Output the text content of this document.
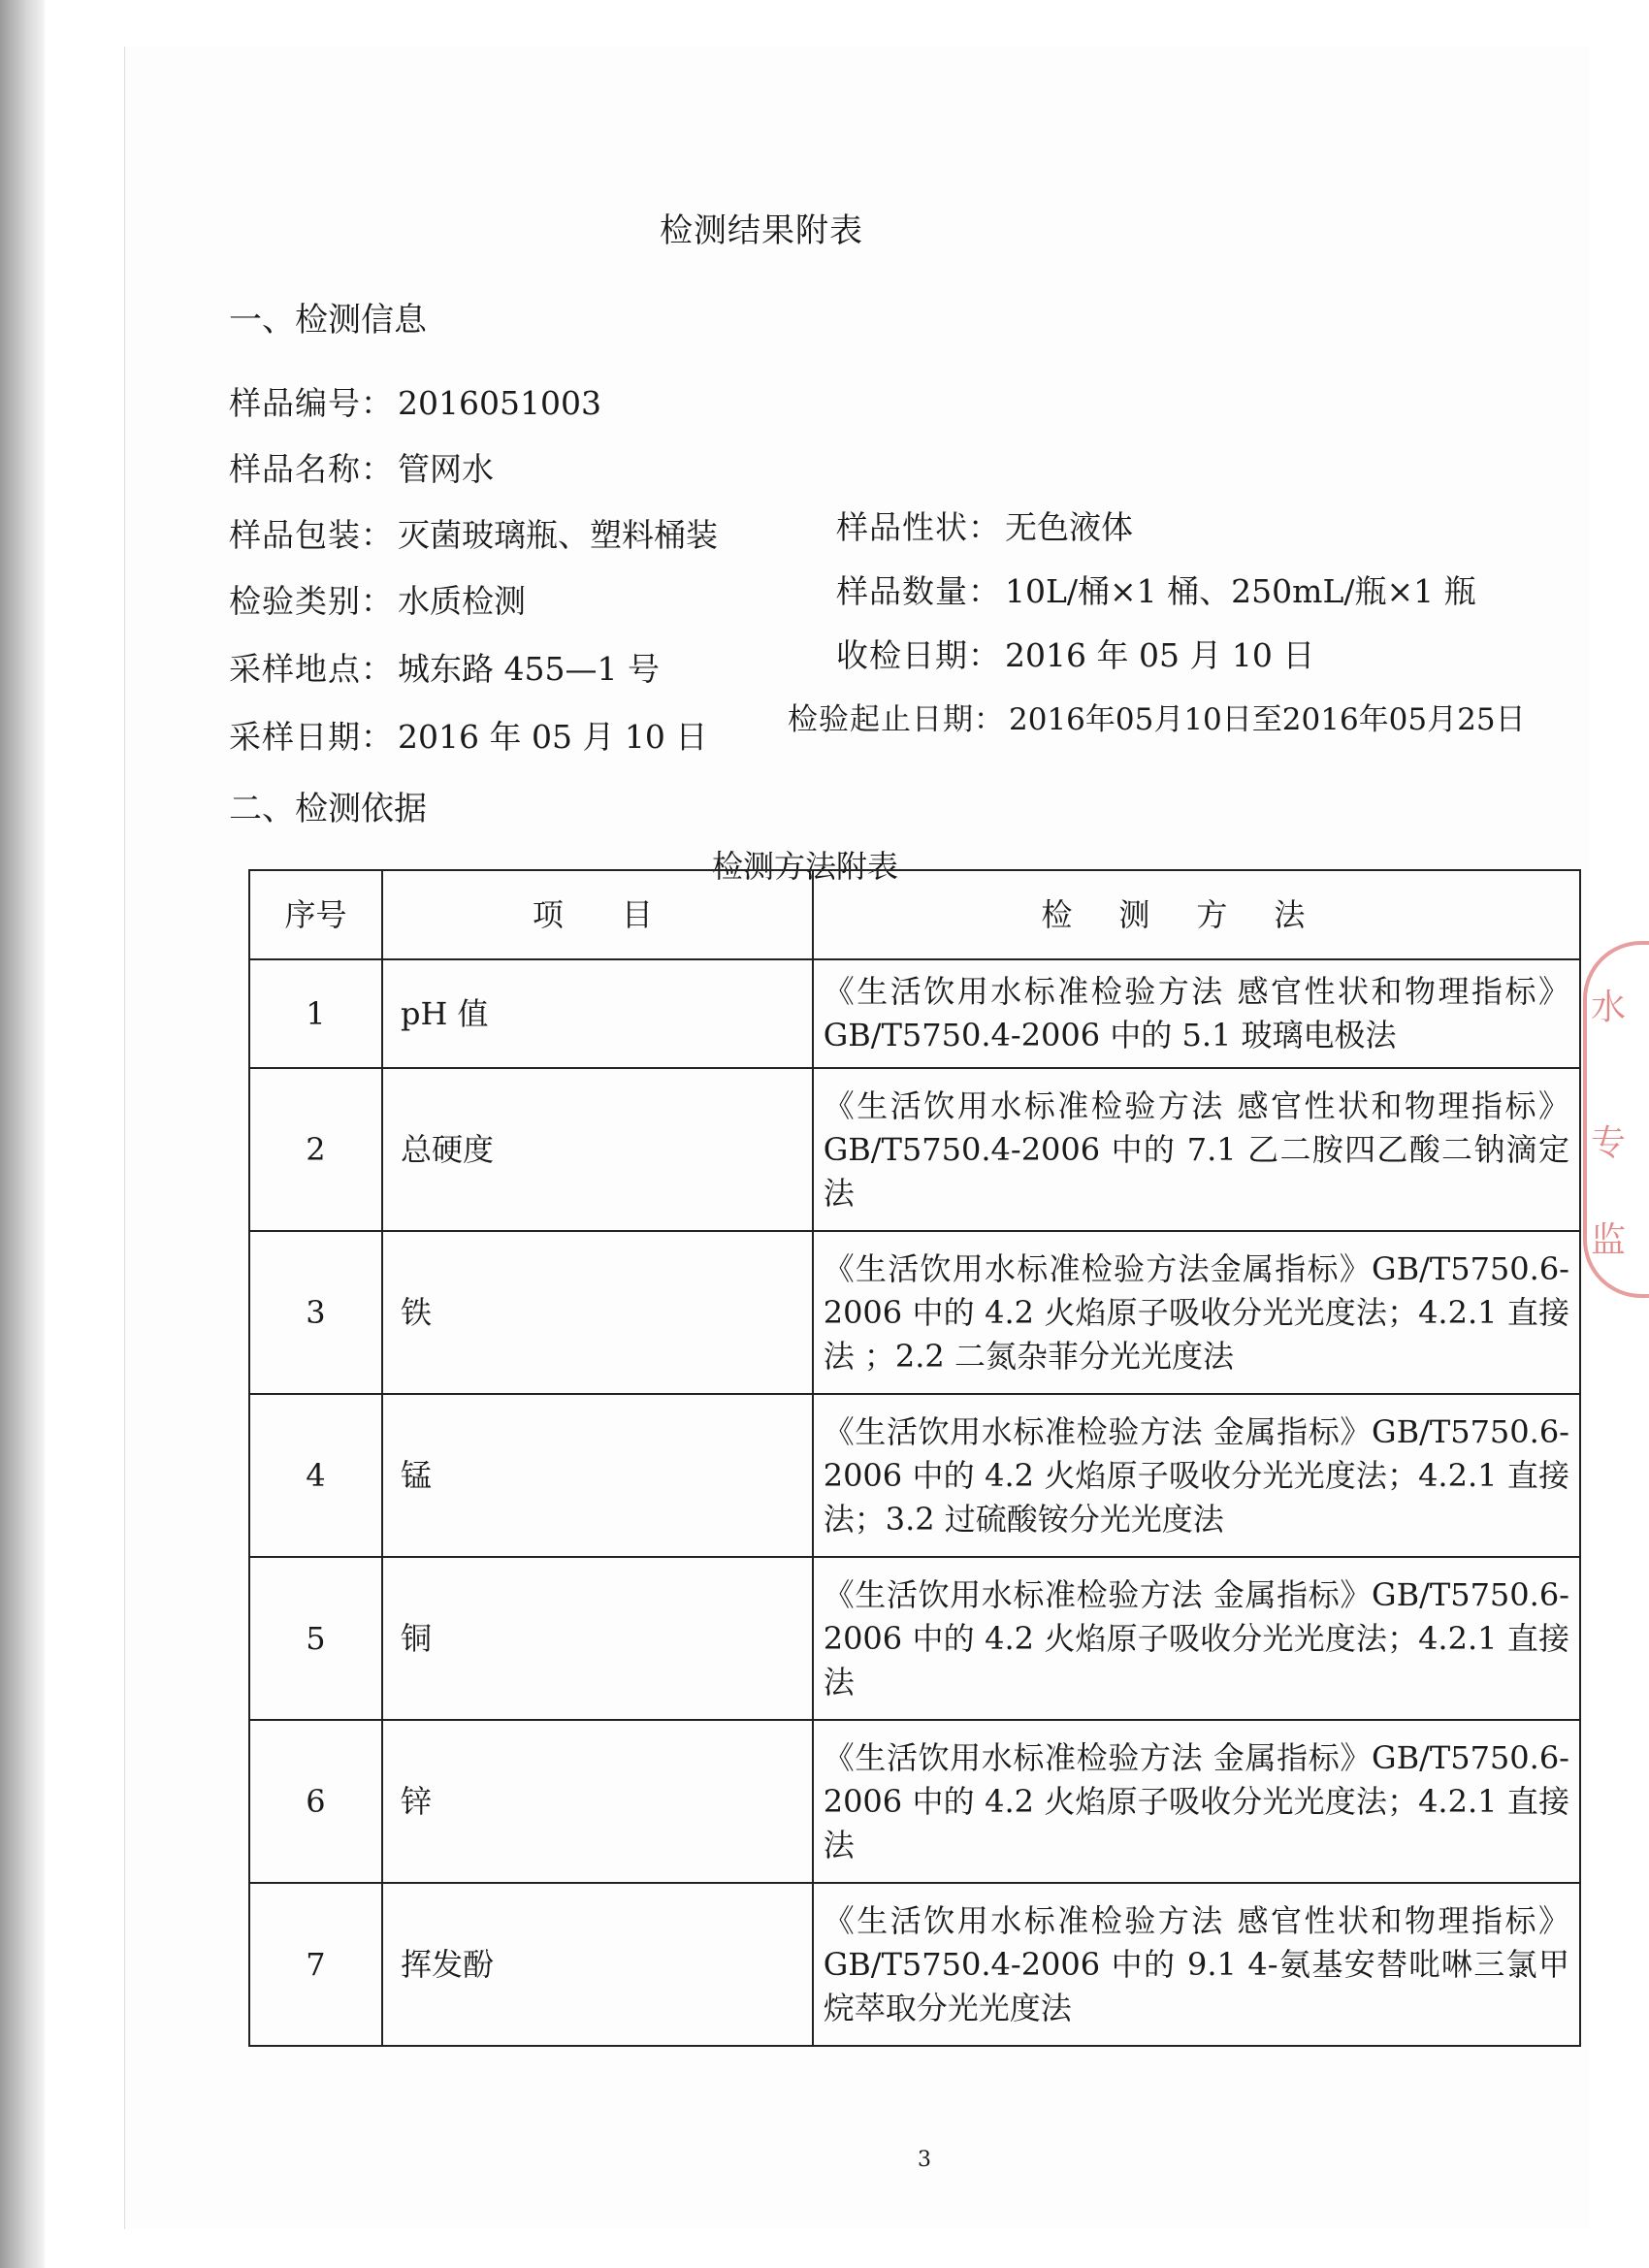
检测结果附表
一、检测信息
样品编号： 2016051003
样品名称： 管网水
样品包装： 灭菌玻璃瓶、塑料桶装	样品性状： 无色液体
检验类别： 水质检测	样品数量： 10L/桶×1 桶、250mL/瓶×1 瓶
采样地点： 城东路 455—1 号	收检日期： 2016 年 05 月 10 日
采样日期： 2016 年 05 月 10 日	检验起止日期： 2016年05月10日至2016年05月25日
二、检测依据
检测方法附表
序号	项目	检测方法
1	pH 值	《生活饮用水标准检验方法 感官性状和物理指标》GB/T5750.4-2006 中的 5.1 玻璃电极法
2	总硬度	《生活饮用水标准检验方法 感官性状和物理指标》GB/T5750.4-2006 中的 7.1 乙二胺四乙酸二钠滴定法
3	铁	《生活饮用水标准检验方法金属指标》GB/T5750.6-2006 中的 4.2 火焰原子吸收分光光度法；4.2.1 直接法 ；2.2 二氮杂菲分光光度法
4	锰	《生活饮用水标准检验方法 金属指标》GB/T5750.6-2006 中的 4.2 火焰原子吸收分光光度法；4.2.1 直接法；3.2 过硫酸铵分光光度法
5	铜	《生活饮用水标准检验方法 金属指标》GB/T5750.6-2006 中的 4.2 火焰原子吸收分光光度法；4.2.1 直接法
6	锌	《生活饮用水标准检验方法 金属指标》GB/T5750.6-2006 中的 4.2 火焰原子吸收分光光度法；4.2.1 直接法
7	挥发酚	《生活饮用水标准检验方法 感官性状和物理指标》GB/T5750.4-2006 中的 9.1 4-氨基安替吡啉三氯甲烷萃取分光光度法
水
专
监
3
